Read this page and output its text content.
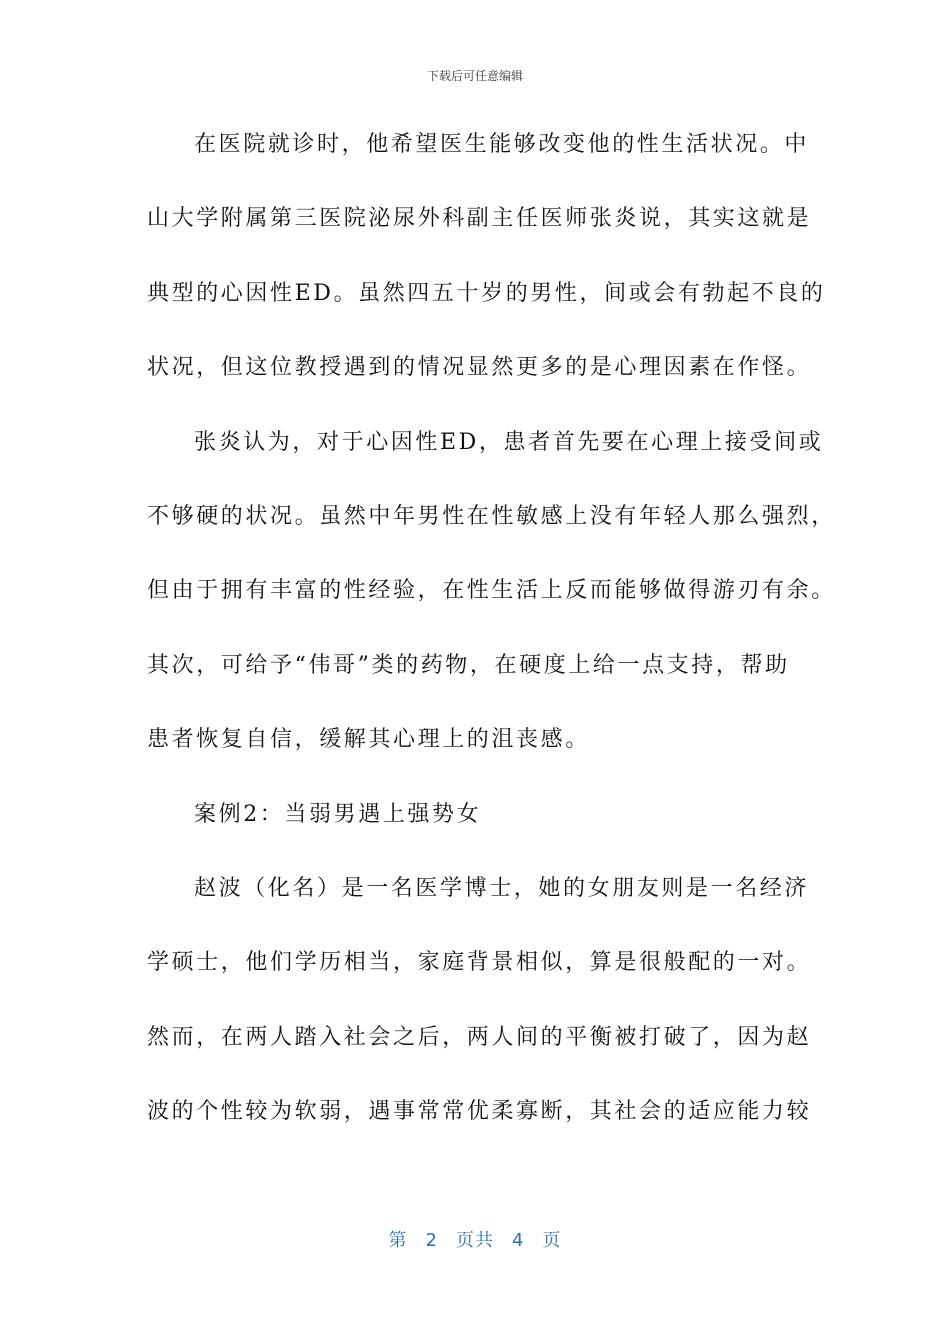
下载后可任意编辑
在医院就诊时，他希望医生能够改变他的性生活状况。中
山大学附属第三医院泌尿外科副主任医师张炎说，其实这就是
典型的心因性ED。虽然四五十岁的男性，间或会有勃起不良的
状况，但这位教授遇到的情况显然更多的是心理因素在作怪。
张炎认为，对于心因性ED，患者首先要在心理上接受间或
不够硬的状况。虽然中年男性在性敏感上没有年轻人那么强烈，
但由于拥有丰富的性经验，在性生活上反而能够做得游刃有余。
其次，可给予“伟哥”类的药物，在硬度上给一点支持，帮助
患者恢复自信，缓解其心理上的沮丧感。
案例2：当弱男遇上强势女
赵波（化名）是一名医学博士，她的女朋友则是一名经济
学硕士，他们学历相当，家庭背景相似，算是很般配的一对。
然而，在两人踏入社会之后，两人间的平衡被打破了，因为赵
波的个性较为软弱，遇事常常优柔寡断，其社会的适应能力较
第 2 页共 4 页
